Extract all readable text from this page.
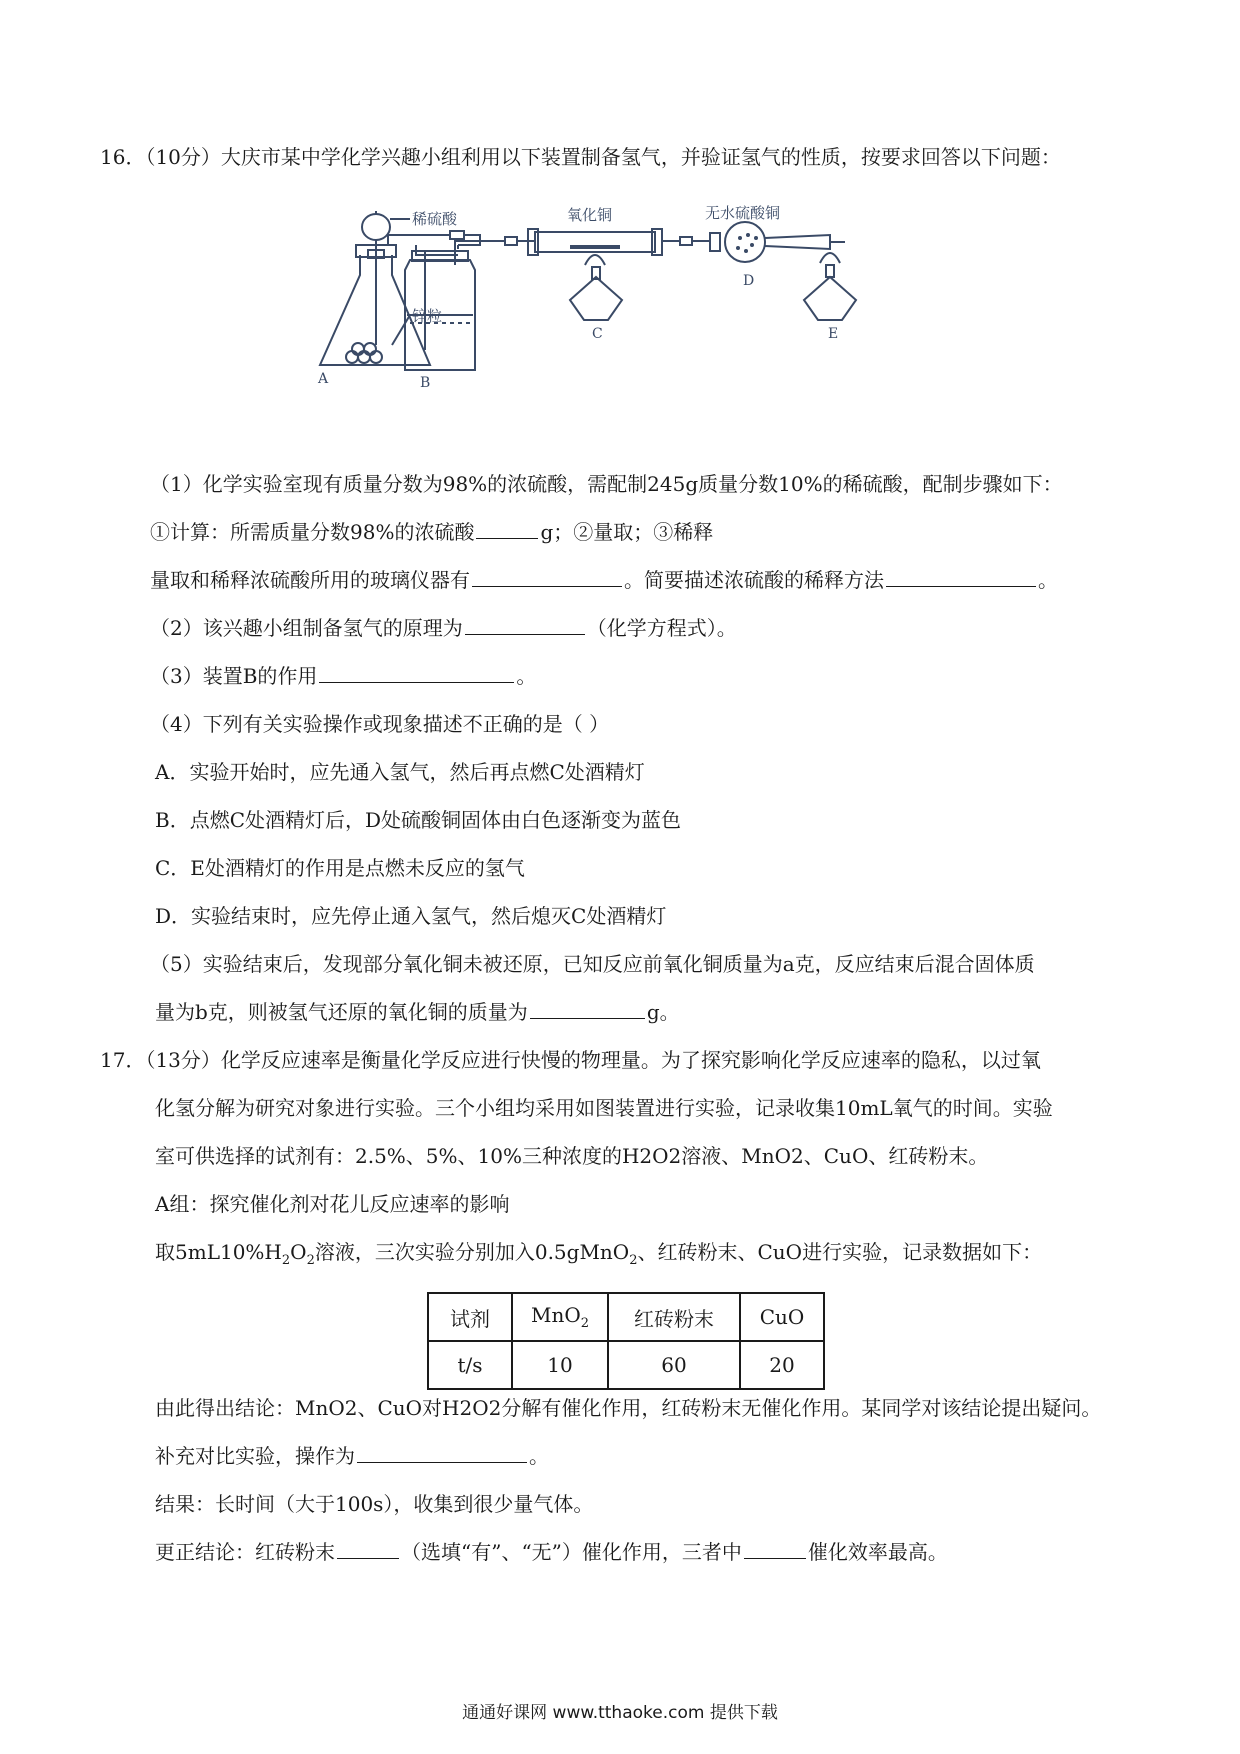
16．（10分）大庆市某中学化学兴趣小组利用以下装置制备氢气，并验证氢气的性质，按要求回答以下问题：
稀硫酸
锌粒
氧化铜	无水硫酸铜
A	B
C
D
E
（1）化学实验室现有质量分数为98%的浓硫酸，需配制245g质量分数10%的稀硫酸，配制步骤如下：
①计算：所需质量分数98%的浓硫酸	g；②量取；③稀释
量取和稀释浓硫酸所用的玻璃仪器有	。简要描述浓硫酸的稀释方法	。
（2）该兴趣小组制备氢气的原理为	（化学方程式）。
（3）装置B的作用	。
（4）下列有关实验操作或现象描述不正确的是（ ）
A．实验开始时，应先通入氢气，然后再点燃C处酒精灯
B．点燃C处酒精灯后，D处硫酸铜固体由白色逐渐变为蓝色
C．E处酒精灯的作用是点燃未反应的氢气
D．实验结束时，应先停止通入氢气，然后熄灭C处酒精灯
（5）实验结束后，发现部分氧化铜未被还原，已知反应前氧化铜质量为a克，反应结束后混合固体质
量为b克，则被氢气还原的氧化铜的质量为	g。
17．（13分）化学反应速率是衡量化学反应进行快慢的物理量。为了探究影响化学反应速率的隐私，以过氧
化氢分解为研究对象进行实验。三个小组均采用如图装置进行实验，记录收集10mL氧气的时间。实验
室可供选择的试剂有：2.5%、5%、10%三种浓度的H2O2溶液、MnO2、CuO、红砖粉末。
A组：探究催化剂对花儿反应速率的影响
取$5mL10\%H_2O_2$溶液，三次实验分别加入0.5gMnO$_2$、红砖粉末、CuO进行实验，记录数据如下：
试剂	MnO$_2$	红砖粉末	CuO
t/s	10	60	20
由此得出结论：MnO2、CuO对H2O2分解有催化作用，红砖粉末无催化作用。某同学对该结论提出疑问。
补充对比实验，操作为	。
结果：长时间（大于100s），收集到很少量气体。
更正结论：红砖粉末	（选填“有”、“无”）催化作用，三者中	催化效率最高。
通通好课网 www.tthaoke.com 提供下载
